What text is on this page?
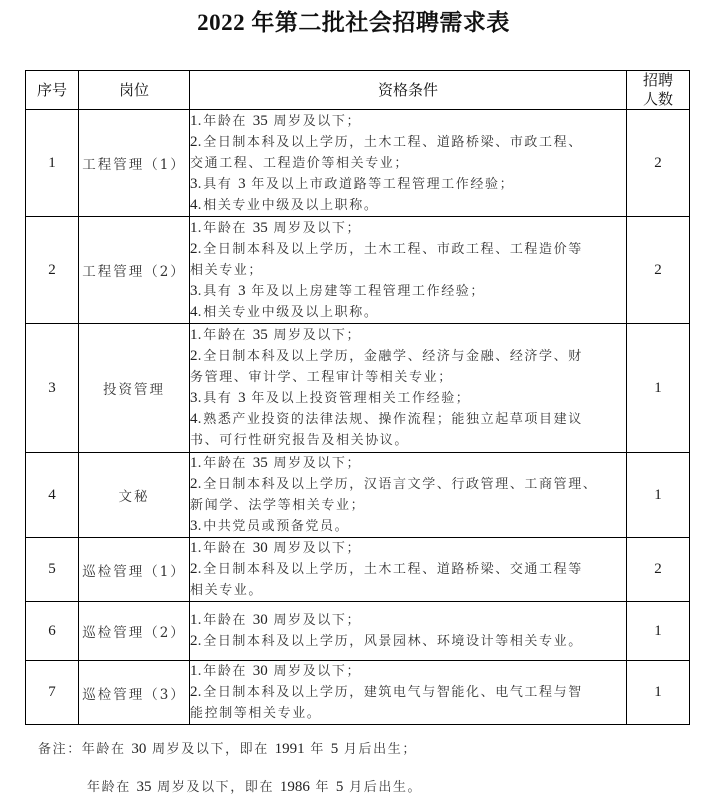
2022 年第二批社会招聘需求表
序号	岗位	资格条件	招聘
人数

1	工程管理（1）	1.年龄在 35 周岁及以下；
2.全日制本科及以上学历，土木工程、道路桥梁、市政工程、
交通工程、工程造价等相关专业；
3.具有 3 年及以上市政道路等工程管理工作经验；
4.相关专业中级及以上职称。	2
2	工程管理（2）	1.年龄在 35 周岁及以下；
2.全日制本科及以上学历，土木工程、市政工程、工程造价等
相关专业；
3.具有 3 年及以上房建等工程管理工作经验；
4.相关专业中级及以上职称。	2
3	投资管理	
1.年龄在 35 周岁及以下；
2.全日制本科及以上学历，金融学、经济与金融、经济学、财
务管理、审计学、工程审计等相关专业；
3.具有 3 年及以上投资管理相关工作经验；
4.熟悉产业投资的法律法规、操作流程；能独立起草项目建议
书、可行性研究报告及相关协议。
	1
4	文秘	1.年龄在 35 周岁及以下；
2.全日制本科及以上学历，汉语言文学、行政管理、工商管理、
新闻学、法学等相关专业；
3.中共党员或预备党员。	1
5	巡检管理（1）	1.年龄在 30 周岁及以下；
2.全日制本科及以上学历，土木工程、道路桥梁、交通工程等
相关专业。	2
6	巡检管理（2）	1.年龄在 30 周岁及以下；
2.全日制本科及以上学历，风景园林、环境设计等相关专业。	1
7	巡检管理（3）	1.年龄在 30 周岁及以下；
2.全日制本科及以上学历，建筑电气与智能化、电气工程与智
能控制等相关专业。	1
备注：年龄在 30 周岁及以下，即在 1991 年 5 月后出生；
年龄在 35 周岁及以下，即在 1986 年 5 月后出生。
